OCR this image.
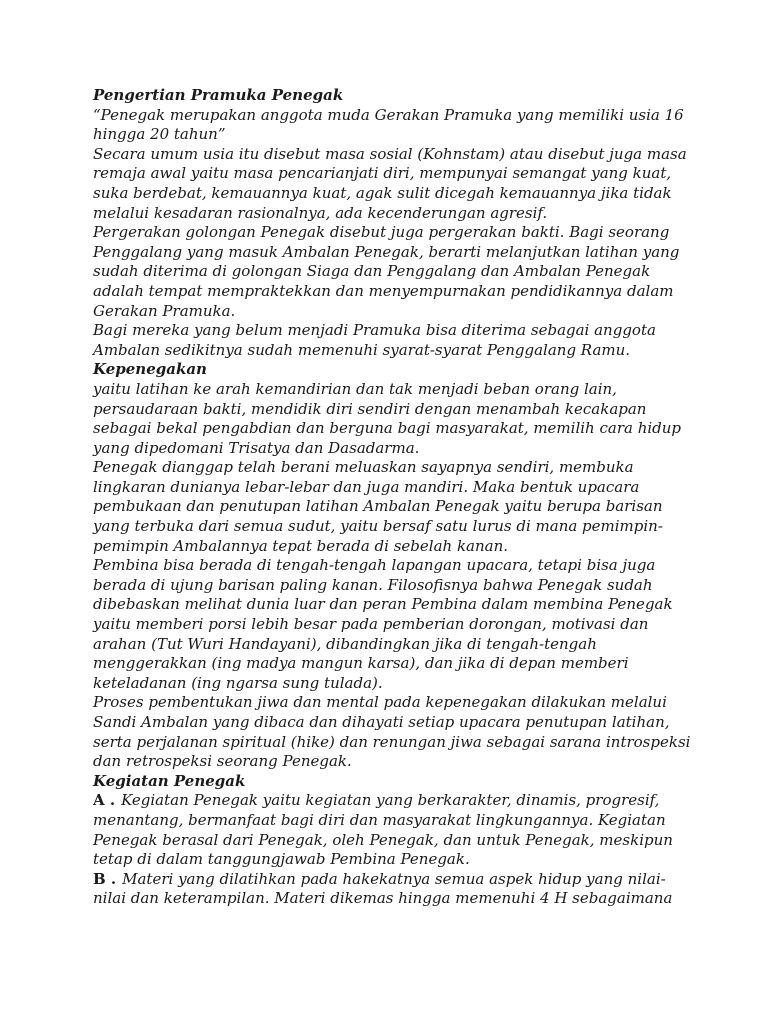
Pengertian Pramuka Penegak
“Penegak merupakan anggota muda Gerakan Pramuka yang memiliki usia 16
hingga 20 tahun”
Secara umum usia itu disebut masa sosial (Kohnstam) atau disebut juga masa
remaja awal yaitu masa pencarianjati diri, mempunyai semangat yang kuat,
suka berdebat, kemauannya kuat, agak sulit dicegah kemauannya jika tidak
melalui kesadaran rasionalnya, ada kecenderungan agresif.
Pergerakan golongan Penegak disebut juga pergerakan bakti. Bagi seorang
Penggalang yang masuk Ambalan Penegak, berarti melanjutkan latihan yang
sudah diterima di golongan Siaga dan Penggalang dan Ambalan Penegak
adalah tempat mempraktekkan dan menyempurnakan pendidikannya dalam
Gerakan Pramuka.
Bagi mereka yang belum menjadi Pramuka bisa diterima sebagai anggota
Ambalan sedikitnya sudah memenuhi syarat-syarat Penggalang Ramu.
Kepenegakan
yaitu latihan ke arah kemandirian dan tak menjadi beban orang lain,
persaudaraan bakti, mendidik diri sendiri dengan menambah kecakapan
sebagai bekal pengabdian dan berguna bagi masyarakat, memilih cara hidup
yang dipedomani Trisatya dan Dasadarma.
Penegak dianggap telah berani meluaskan sayapnya sendiri, membuka
lingkaran dunianya lebar-lebar dan juga mandiri. Maka bentuk upacara
pembukaan dan penutupan latihan Ambalan Penegak yaitu berupa barisan
yang terbuka dari semua sudut, yaitu bersaf satu lurus di mana pemimpin-
pemimpin Ambalannya tepat berada di sebelah kanan.
Pembina bisa berada di tengah-tengah lapangan upacara, tetapi bisa juga
berada di ujung barisan paling kanan. Filosofisnya bahwa Penegak sudah
dibebaskan melihat dunia luar dan peran Pembina dalam membina Penegak
yaitu memberi porsi lebih besar pada pemberian dorongan, motivasi dan
arahan (Tut Wuri Handayani), dibandingkan jika di tengah-tengah
menggerakkan (ing madya mangun karsa), dan jika di depan memberi
keteladanan (ing ngarsa sung tulada).
Proses pembentukan jiwa dan mental pada kepenegakan dilakukan melalui
Sandi Ambalan yang dibaca dan dihayati setiap upacara penutupan latihan,
serta perjalanan spiritual (hike) dan renungan jiwa sebagai sarana introspeksi
dan retrospeksi seorang Penegak.
Kegiatan Penegak
A . Kegiatan Penegak yaitu kegiatan yang berkarakter, dinamis, progresif,
menantang, bermanfaat bagi diri dan masyarakat lingkungannya. Kegiatan
Penegak berasal dari Penegak, oleh Penegak, dan untuk Penegak, meskipun
tetap di dalam tanggungjawab Pembina Penegak.
B . Materi yang dilatihkan pada hakekatnya semua aspek hidup yang nilai-
nilai dan keterampilan. Materi dikemas hingga memenuhi 4 H sebagaimana
